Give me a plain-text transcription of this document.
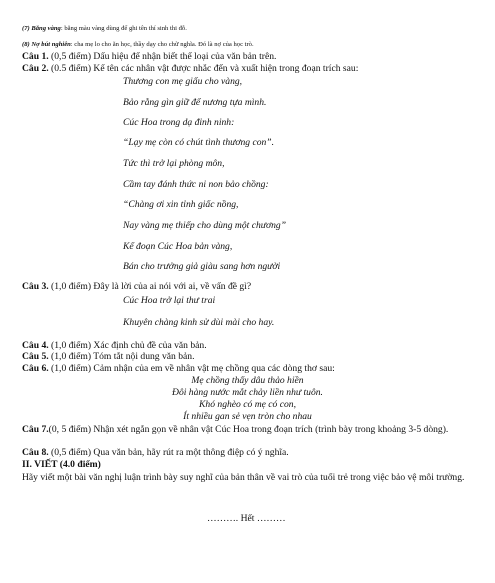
(7) Băng vàng: băng màu vàng dùng để ghi tên thí sinh thi đỗ.
(8) Nợ bút nghiên: cha mẹ lo cho ăn học, thầy dạy cho chữ nghĩa. Đó là nợ của học trò.
Câu 1. (0,5 điểm) Dấu hiệu để nhận biết thể loại của văn bản trên.
Câu 2. (0.5 điểm) Kể tên các nhân vật được nhắc đến và xuất hiện trong đoạn trích sau:
Thương con mẹ giấu cho vàng,
Bảo rằng gìn giữ để nương tựa mình.
Cúc Hoa trong dạ đinh ninh:
“Lạy mẹ còn có chút tình thương con”.
Tức thì trở lại phòng môn,
Cầm tay đánh thức ni non bảo chồng:
“Chàng ơi xin tỉnh giấc nồng,
Nay vàng mẹ thiếp cho dùng một chương”
Kể đoạn Cúc Hoa bản vàng,
Bán cho trưởng giả giàu sang hơn người
Câu 3. (1,0 điểm) Đây là lời của ai nói với ai, về vấn đề gì?
Cúc Hoa trở lại thư trai
Khuyên chàng kinh sử dùi mài cho hay.
Câu 4. (1,0 điểm) Xác định chủ đề của văn bản.
Câu 5. (1,0 điểm) Tóm tắt nội dung văn bản.
Câu 6. (1,0 điểm) Cảm nhận của em về nhân vật mẹ chồng qua các dòng thơ sau:
Mẹ chồng thấy dâu thảo hiền
Đôi hàng nước mắt chảy liền như tuôn.
Khó nghèo có mẹ có con,
Ít nhiều gan sẻ vẹn tròn cho nhau
Câu 7.(0, 5 điểm) Nhận xét ngắn gọn về nhân vật Cúc Hoa trong đoạn trích (trình bày trong khoảng 3-5 dòng).
Câu 8. (0,5 điểm) Qua văn bản, hãy rút ra một thông điệp có ý nghĩa.
II. VIẾT (4.0 điểm)
Hãy viết một bài văn nghị luận trình bày suy nghĩ của bản thân về vai trò của tuổi trẻ trong việc bảo vệ môi trường.
………. Hết ………
